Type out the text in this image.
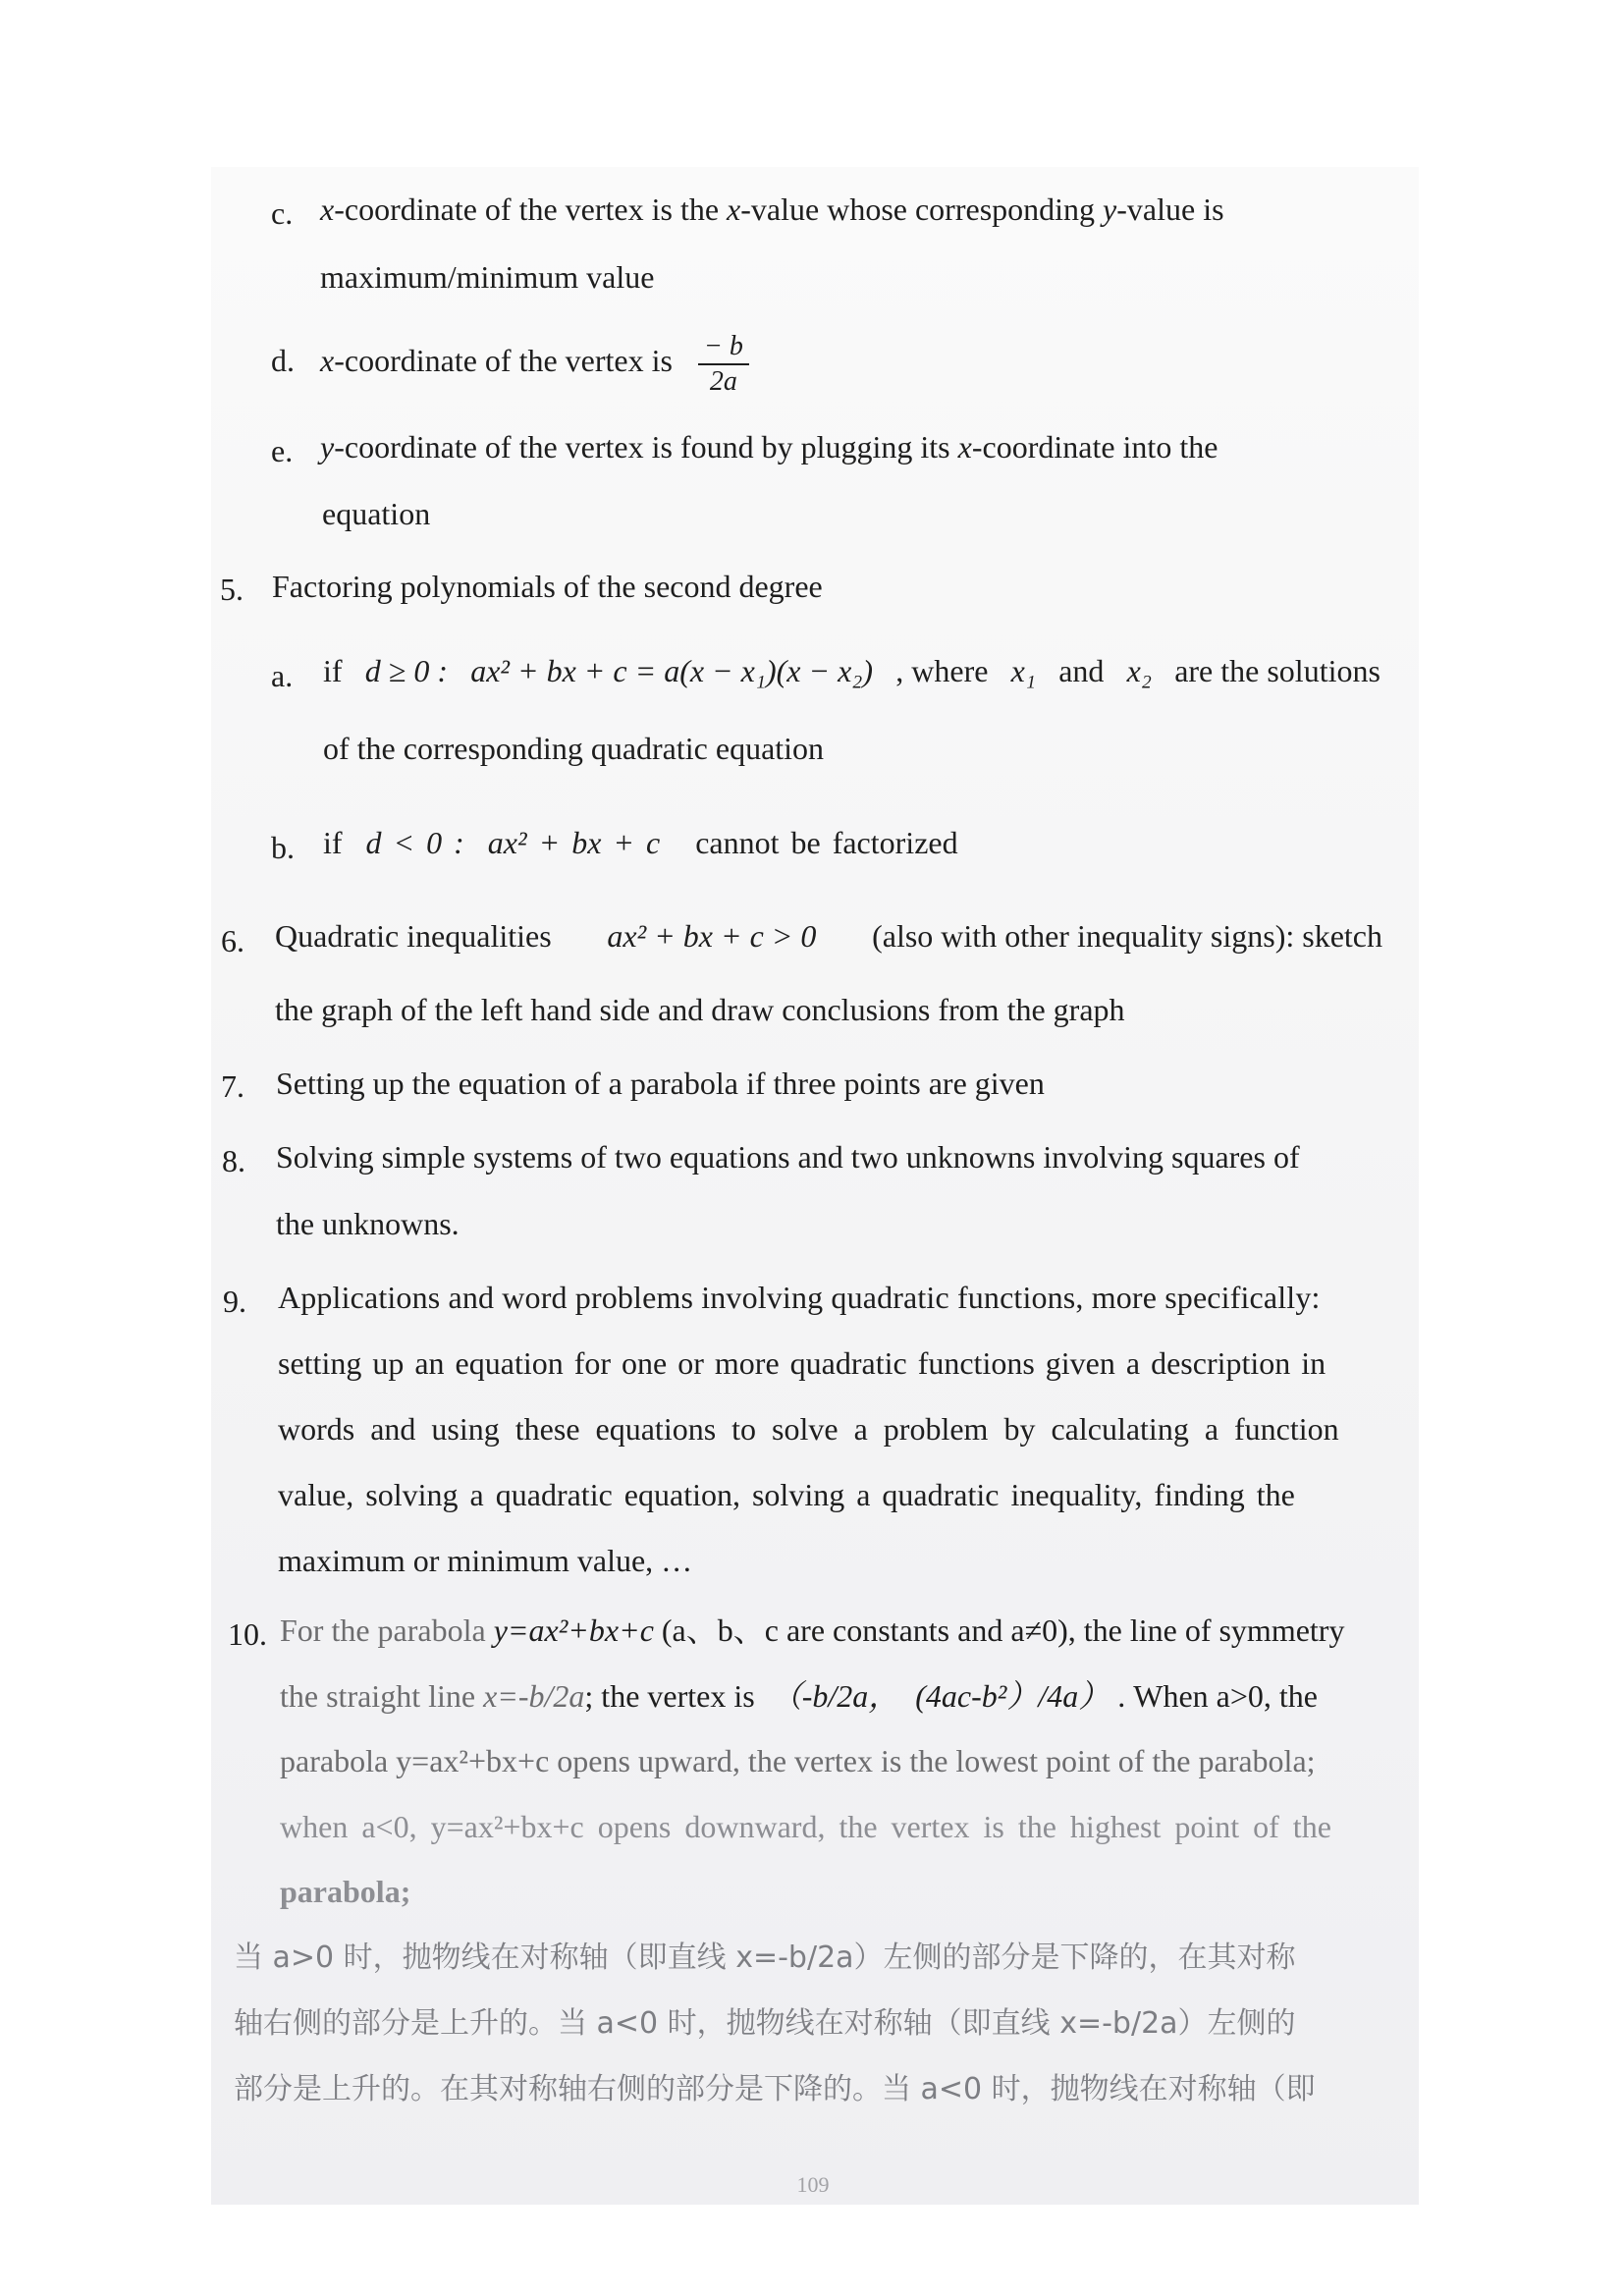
c. x-coordinate of the vertex is the x-value whose corresponding y-value is
maximum/minimum value
d. x-coordinate of the vertex is $\frac{- b}{2a}$
e. y-coordinate of the vertex is found by plugging its x-coordinate into the
equation
5. Factoring polynomials of the second degree
a. if d ≥ 0 : ax² + bx + c = a(x − x₁)(x − x₂) , where x₁ and x₂ are the solutions
of the corresponding quadratic equation
b. if d < 0 : ax² + bx + c cannot be factorized
6. Quadratic inequalities ax² + bx + c > 0 (also with other inequality signs): sketch
the graph of the left hand side and draw conclusions from the graph
7. Setting up the equation of a parabola if three points are given
8. Solving simple systems of two equations and two unknowns involving squares of
the unknowns.
9. Applications and word problems involving quadratic functions, more specifically:
setting up an equation for one or more quadratic functions given a description in
words and using these equations to solve a problem by calculating a function
value, solving a quadratic equation, solving a quadratic inequality, finding the
maximum or minimum value, …
10. For the parabola y=ax²+bx+c (a、b、c are constants and a≠0), the line of symmetry
the straight line x=-b/2a; the vertex is （-b/2a，　(4ac-b²）/4a） . When a>0, the
parabola y=ax²+bx+c opens upward, the vertex is the lowest point of the parabola;
when a<0, y=ax²+bx+c opens downward, the vertex is the highest point of the
parabola;
当 a>0 时，抛物线在对称轴（即直线 x=-b/2a）左侧的部分是下降的，在其对称
轴右侧的部分是上升的。当 a<0 时，抛物线在对称轴（即直线 x=-b/2a）左侧的
部分是上升的。在其对称轴右侧的部分是下降的。当 a<0 时，抛物线在对称轴（即
109
